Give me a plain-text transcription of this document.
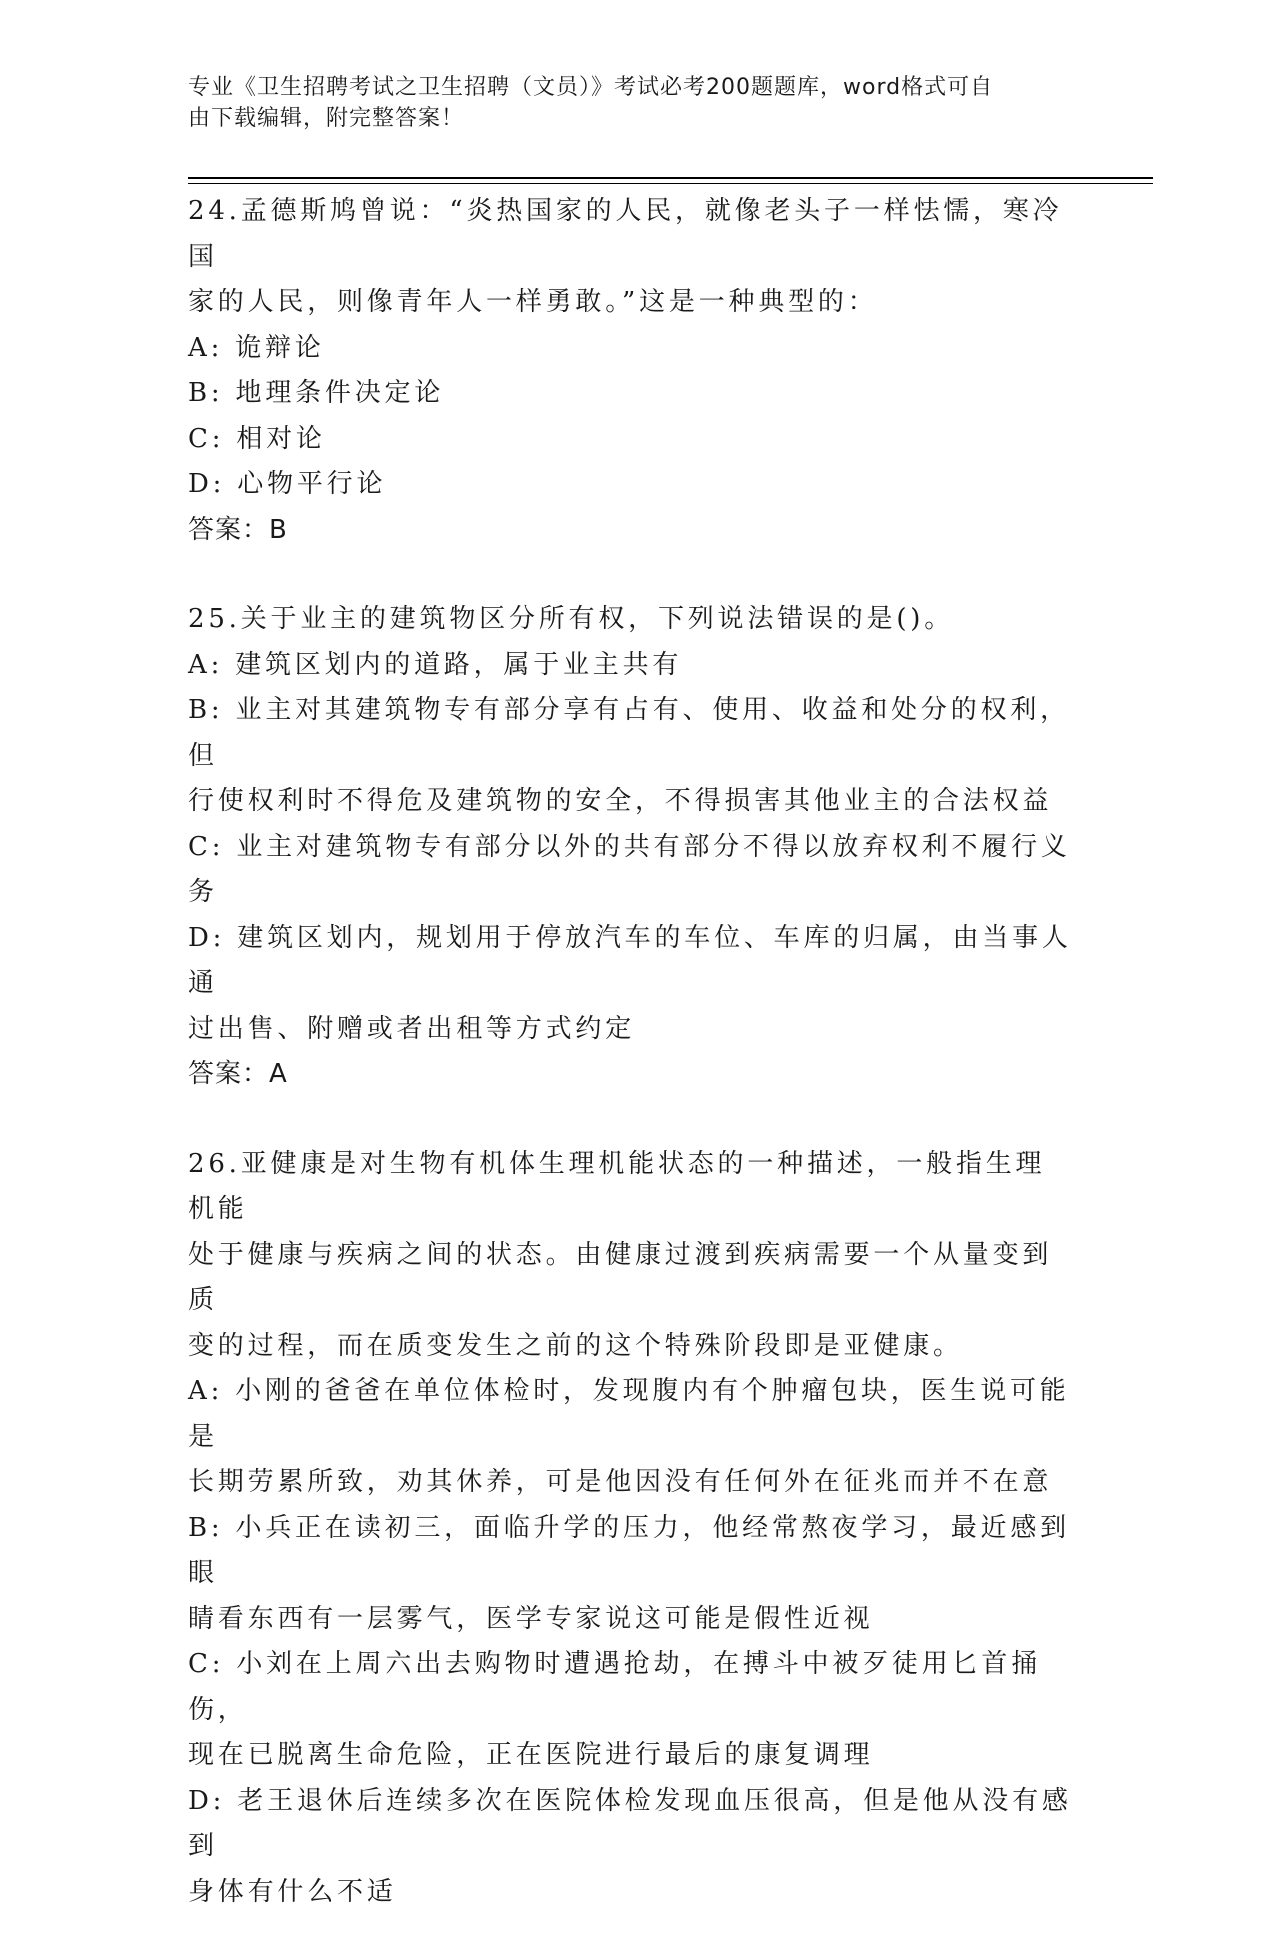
专业《卫生招聘考试之卫生招聘（文员）》考试必考200题题库，word格式可自
由下载编辑，附完整答案！
24.孟德斯鸠曾说：“炎热国家的人民，就像老头子一样怯懦，寒冷国
家的人民，则像青年人一样勇敢。”这是一种典型的：
A: 诡辩论
B: 地理条件决定论
C: 相对论
D: 心物平行论
答案：B
25.关于业主的建筑物区分所有权，下列说法错误的是()。
A: 建筑区划内的道路，属于业主共有
B: 业主对其建筑物专有部分享有占有、使用、收益和处分的权利，但
行使权利时不得危及建筑物的安全，不得损害其他业主的合法权益
C: 业主对建筑物专有部分以外的共有部分不得以放弃权利不履行义务
D: 建筑区划内，规划用于停放汽车的车位、车库的归属，由当事人通
过出售、附赠或者出租等方式约定
答案：A
26.亚健康是对生物有机体生理机能状态的一种描述，一般指生理机能
处于健康与疾病之间的状态。由健康过渡到疾病需要一个从量变到质
变的过程，而在质变发生之前的这个特殊阶段即是亚健康。
A: 小刚的爸爸在单位体检时，发现腹内有个肿瘤包块，医生说可能是
长期劳累所致，劝其休养，可是他因没有任何外在征兆而并不在意
B: 小兵正在读初三，面临升学的压力，他经常熬夜学习，最近感到眼
睛看东西有一层雾气，医学专家说这可能是假性近视
C: 小刘在上周六出去购物时遭遇抢劫，在搏斗中被歹徒用匕首捅伤，
现在已脱离生命危险，正在医院进行最后的康复调理
D: 老王退休后连续多次在医院体检发现血压很高，但是他从没有感到
身体有什么不适
